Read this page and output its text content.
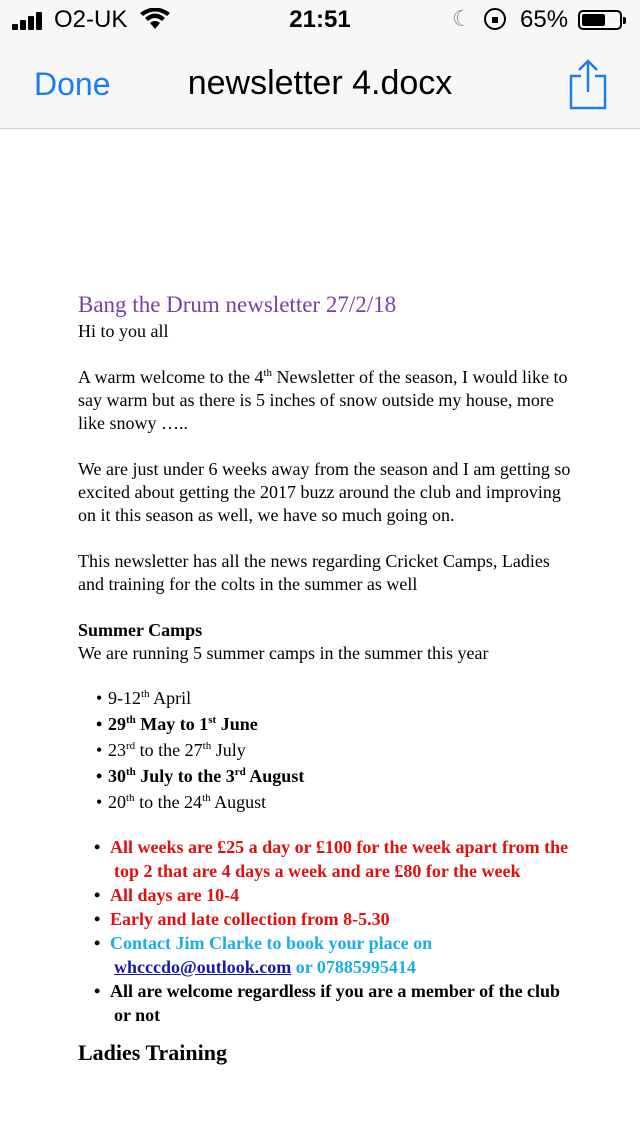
O2-UK	21:51	☾ 65%
Done	newsletter 4.docx

Bang the Drum newsletter 27/2/18

Hi to you all

A warm welcome to the 4th Newsletter of the season, I would like to say warm but as there is 5 inches of snow outside my house, more like snowy …..

We are just under 6 weeks away from the season and I am getting so excited about getting the 2017 buzz around the club and improving on it this season as well, we have so much going on.

This newsletter has all the news regarding Cricket Camps, Ladies and training for the colts in the summer as well

Summer Camps

We are running 5 summer camps in the summer this year

• 9-12th April
• 29th May to 1st June
• 23rd to the 27th July
• 30th July to the 3rd August
• 20th to the 24th August
• All weeks are £25 a day or £100 for the week apart from the top 2 that are 4 days a week and are £80 for the week
• All days are 10-4
• Early and late collection from 8-5.30
• Contact Jim Clarke to book your place on
whcccdo@outlook.com or 07885995414
• All are welcome regardless if you are a member of the club or not

Ladies Training
